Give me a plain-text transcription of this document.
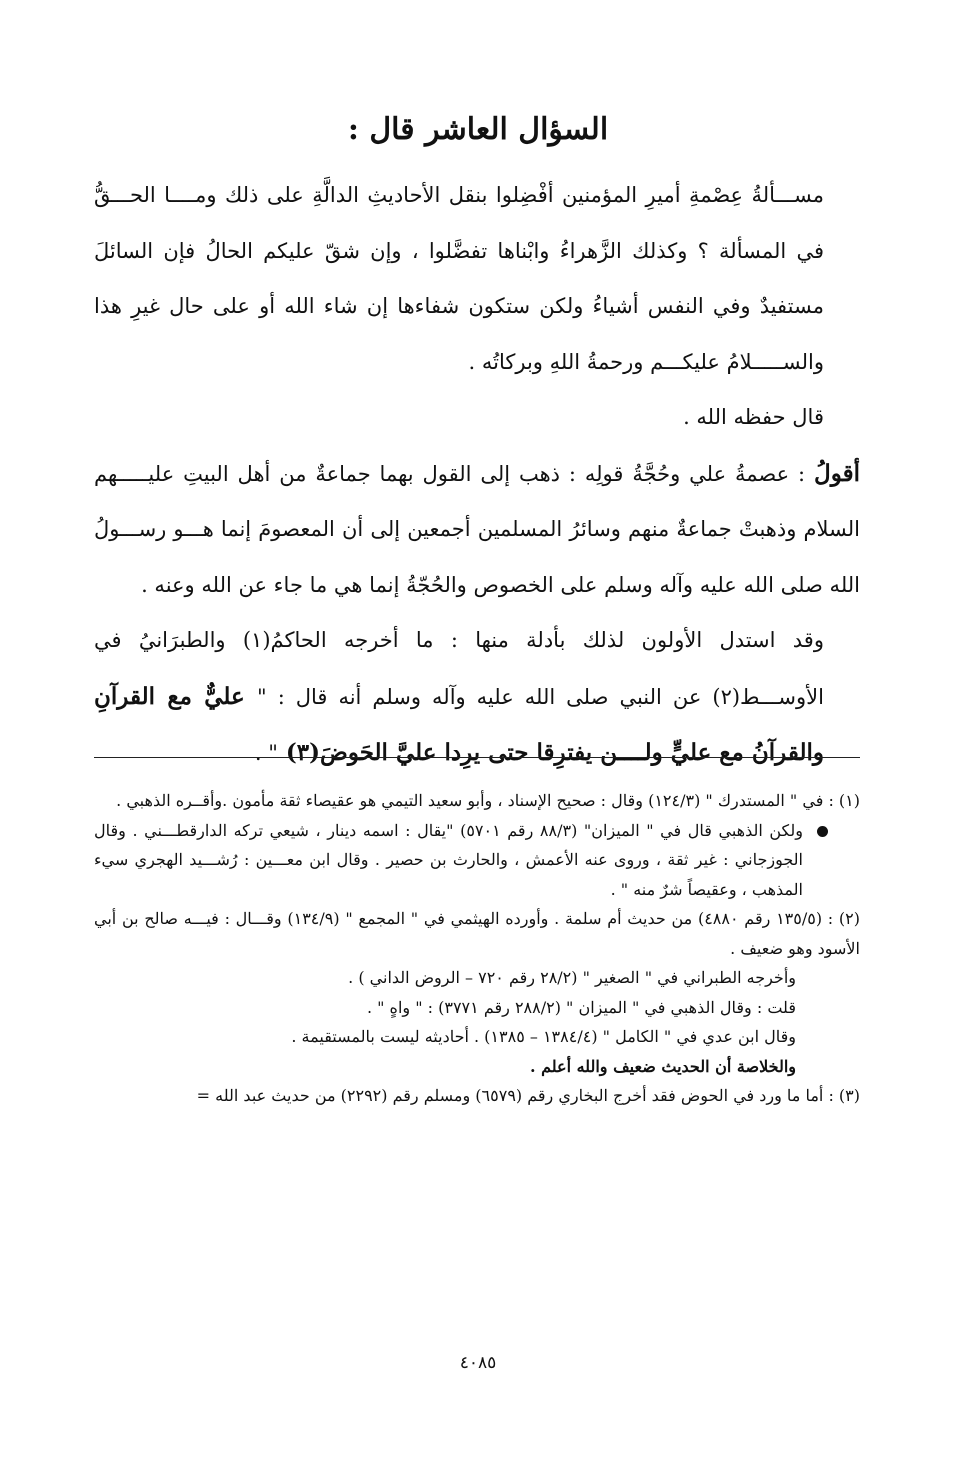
السؤال العاشر قال :

مســـألةُ عِصْمةِ أميرِ المؤمنين أفْضِلوا بنقل الأحاديثِ الدالَّةِ على ذلك ومــــا الحـــقُّ في المسألة ؟ وكذلك الزَّهراءُ وابْناها تفضَّلوا ، وإن شقّ عليكم الحالُ فإن السائلَ مستفيدٌ وفي النفس أشياءُ ولكن ستكون شفاءها إن شاء الله أو على حال غيرِ هذا والســـــلامُ عليكـــم ورحمةُ اللهِ وبركاتُه .

قال حفظه الله .

أقولُ : عصمةُ علي وحُجَّةُ قولِه : ذهب إلى القول بهما جماعةٌ من أهل البيتِ عليـــــهم السلام وذهبتْ جماعةٌ منهم وسائرُ المسلمين أجمعين إلى أن المعصومَ إنما هـــو رســـولُ الله صلى الله عليه وآله وسلم على الخصوص والحُجّةُ إنما هي ما جاء عن الله وعنه .

وقد استدل الأولون لذلك بأدلة منها : ما أخرجه الحاكمُ(١) والطبرَانيُ في الأوســـط(٢) عن النبي صلى الله عليه وآله وسلم أنه قال : " عليٌّ مع القرآنِ والقرآنُ مع عليٍّ ولــــن يفترِقا حتى يرِدا عليَّ الحَوضَ(٣) " .

(١) : في " المستدرك " (١٢٤/٣) وقال : صحيح الإسناد ، وأبو سعيد التيمي هو عقيصاء ثقة مأمون .وأقــره الذهبي .

ولكن الذهبي قال في " الميزان" (٨٨/٣ رقم ٥٧٠١) "يقال : اسمه دينار ، شيعي تركه الدارقطـــني . وقال الجوزجاني : غير ثقة ، وروى عنه الأعمش ، والحارث بن حصير . وقال ابن معـــين : رُشـــيد الهجري سيء المذهب ، وعقيصاً شرٌ منه " .

(٢) : (١٣٥/٥ رقم ٤٨٨٠) من حديث أم سلمة . وأورده الهيثمي في " المجمع " (١٣٤/٩) وقـــال : فيـــه صالح بن أبي الأسود وهو ضعيف .

وأخرجه الطبراني في " الصغير " (٢٨/٢ رقم ٧٢٠ – الروض الداني ) .

قلت : وقال الذهبي في " الميزان " (٢٨٨/٢ رقم ٣٧٧١) : " واهٍ " .

وقال ابن عدي في " الكامل " (١٣٨٤/٤ – ١٣٨٥) . أحاديثه ليست بالمستقيمة .

والخلاصة أن الحديث ضعيف والله أعلم .

(٣) : أما ما ورد في الحوض فقد أخرج البخاري رقم (٦٥٧٩) ومسلم رقم (٢٢٩٢) من حديث عبد الله =

٤٠٨٥
